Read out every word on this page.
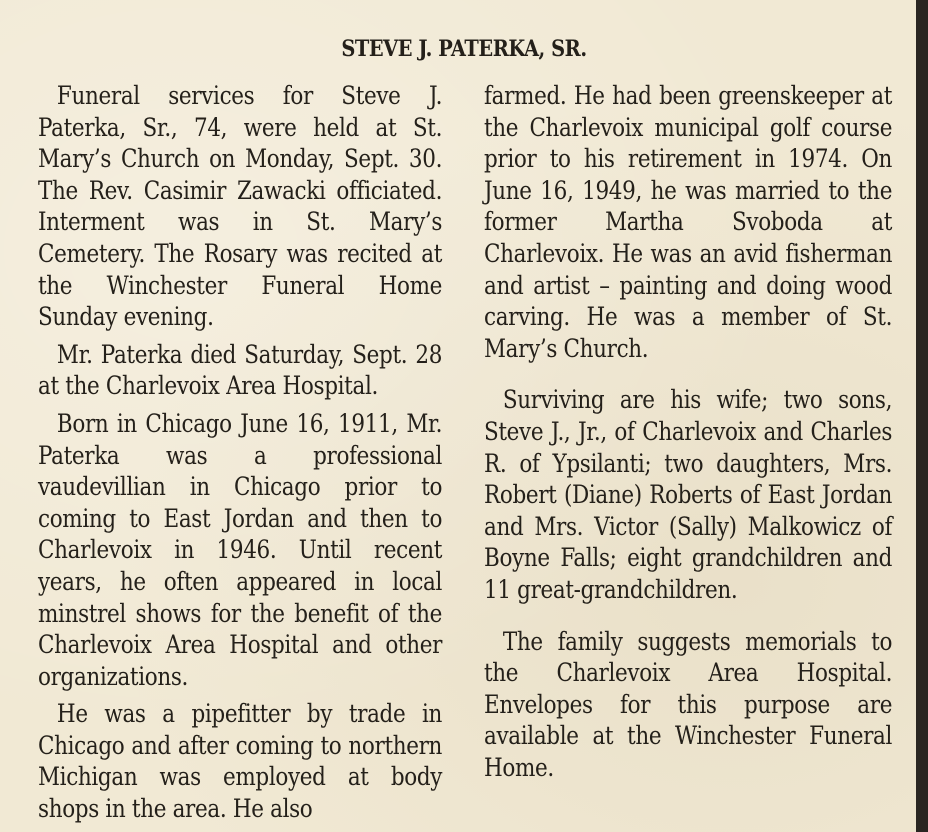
STEVE J. PATERKA, SR.

Funeral services for Steve J. Paterka, Sr., 74, were held at St. Mary’s Church on Monday, Sept. 30. The Rev. Casimir Zawacki officiated. Interment was in St. Mary’s Cemetery. The Rosary was recited at the Winchester Funeral Home Sunday evening.

Mr. Paterka died Saturday, Sept. 28 at the Charlevoix Area Hospital.

Born in Chicago June 16, 1911, Mr. Paterka was a professional vaudevillian in Chicago prior to coming to East Jordan and then to Charlevoix in 1946. Until recent years, he often appeared in local minstrel shows for the benefit of the Charlevoix Area Hospital and other organizations.

He was a pipefitter by trade in Chicago and after coming to northern Michigan was employed at body shops in the area. He also

farmed. He had been greenskeeper at the Charlevoix municipal golf course prior to his retirement in 1974. On June 16, 1949, he was married to the former Martha Svoboda at Charlevoix. He was an avid fisherman and artist – painting and doing wood carving. He was a member of St. Mary’s Church.

Surviving are his wife; two sons, Steve J., Jr., of Charlevoix and Charles R. of Ypsilanti; two daughters, Mrs. Robert (Diane) Roberts of East Jordan and Mrs. Victor (Sally) Malkowicz of Boyne Falls; eight grandchildren and 11 great-grandchildren.

The family suggests memorials to the Charlevoix Area Hospital. Envelopes for this purpose are available at the Winchester Funeral Home.
